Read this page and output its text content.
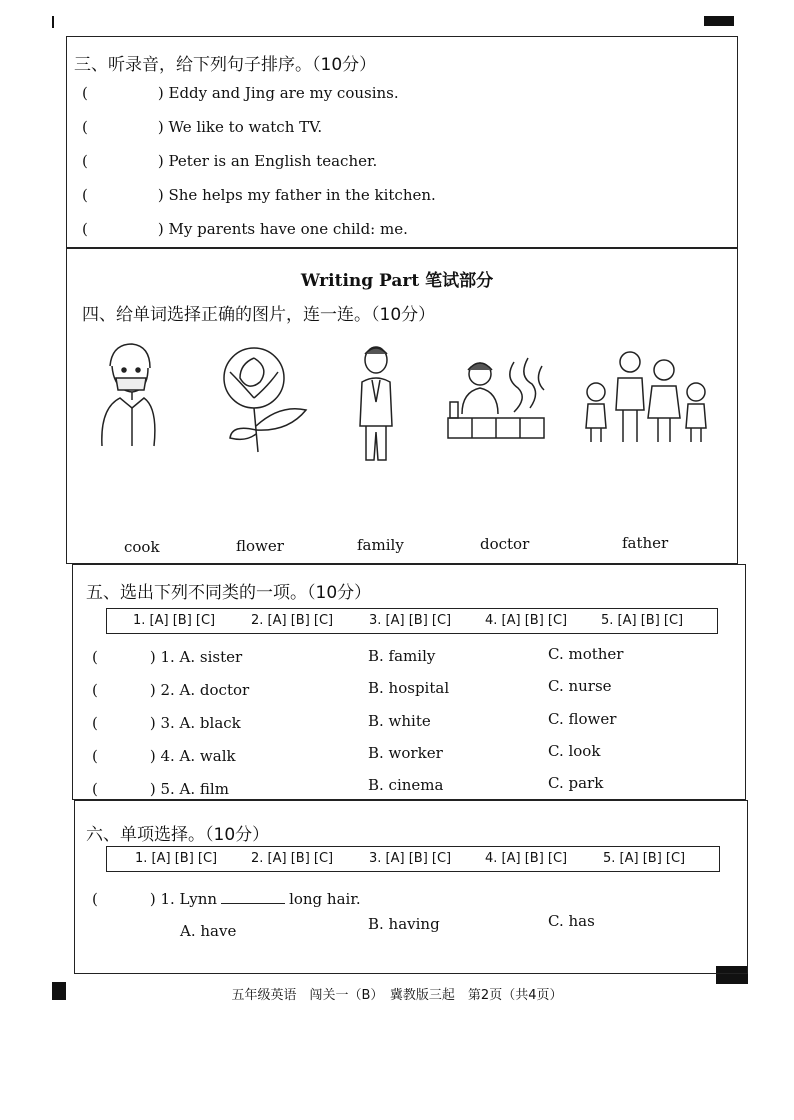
三、听录音，给下列句子排序。（10分）
(	) Eddy and Jing are my cousins.
(	) We like to watch TV.
(	) Peter is an English teacher.
(	) She helps my father in the kitchen.
(	) My parents have one child: me.
Writing Part 笔试部分
四、给单词选择正确的图片，连一连。（10分）
cook	flower	family	doctor	father
五、选出下列不同类的一项。（10分）
1. [A] [B] [C]	2. [A] [B] [C]	3. [A] [B] [C]	4. [A] [B] [C]	5. [A] [B] [C]
(	) 1. A. sister	B. family	C. mother
(	) 2. A. doctor	B. hospital	C. nurse
(	) 3. A. black	B. white	C. flower
(	) 4. A. walk	B. worker	C. look
(	) 5. A. film	B. cinema	C. park
六、单项选择。（10分）
1. [A] [B] [C]	2. [A] [B] [C]	3. [A] [B] [C]	4. [A] [B] [C]	5. [A] [B] [C]
(	) 1. Lynn	long hair.
A. have	B. having	C. has
五年级英语　闯关一（B）　冀教版三起　第2页（共4页）
